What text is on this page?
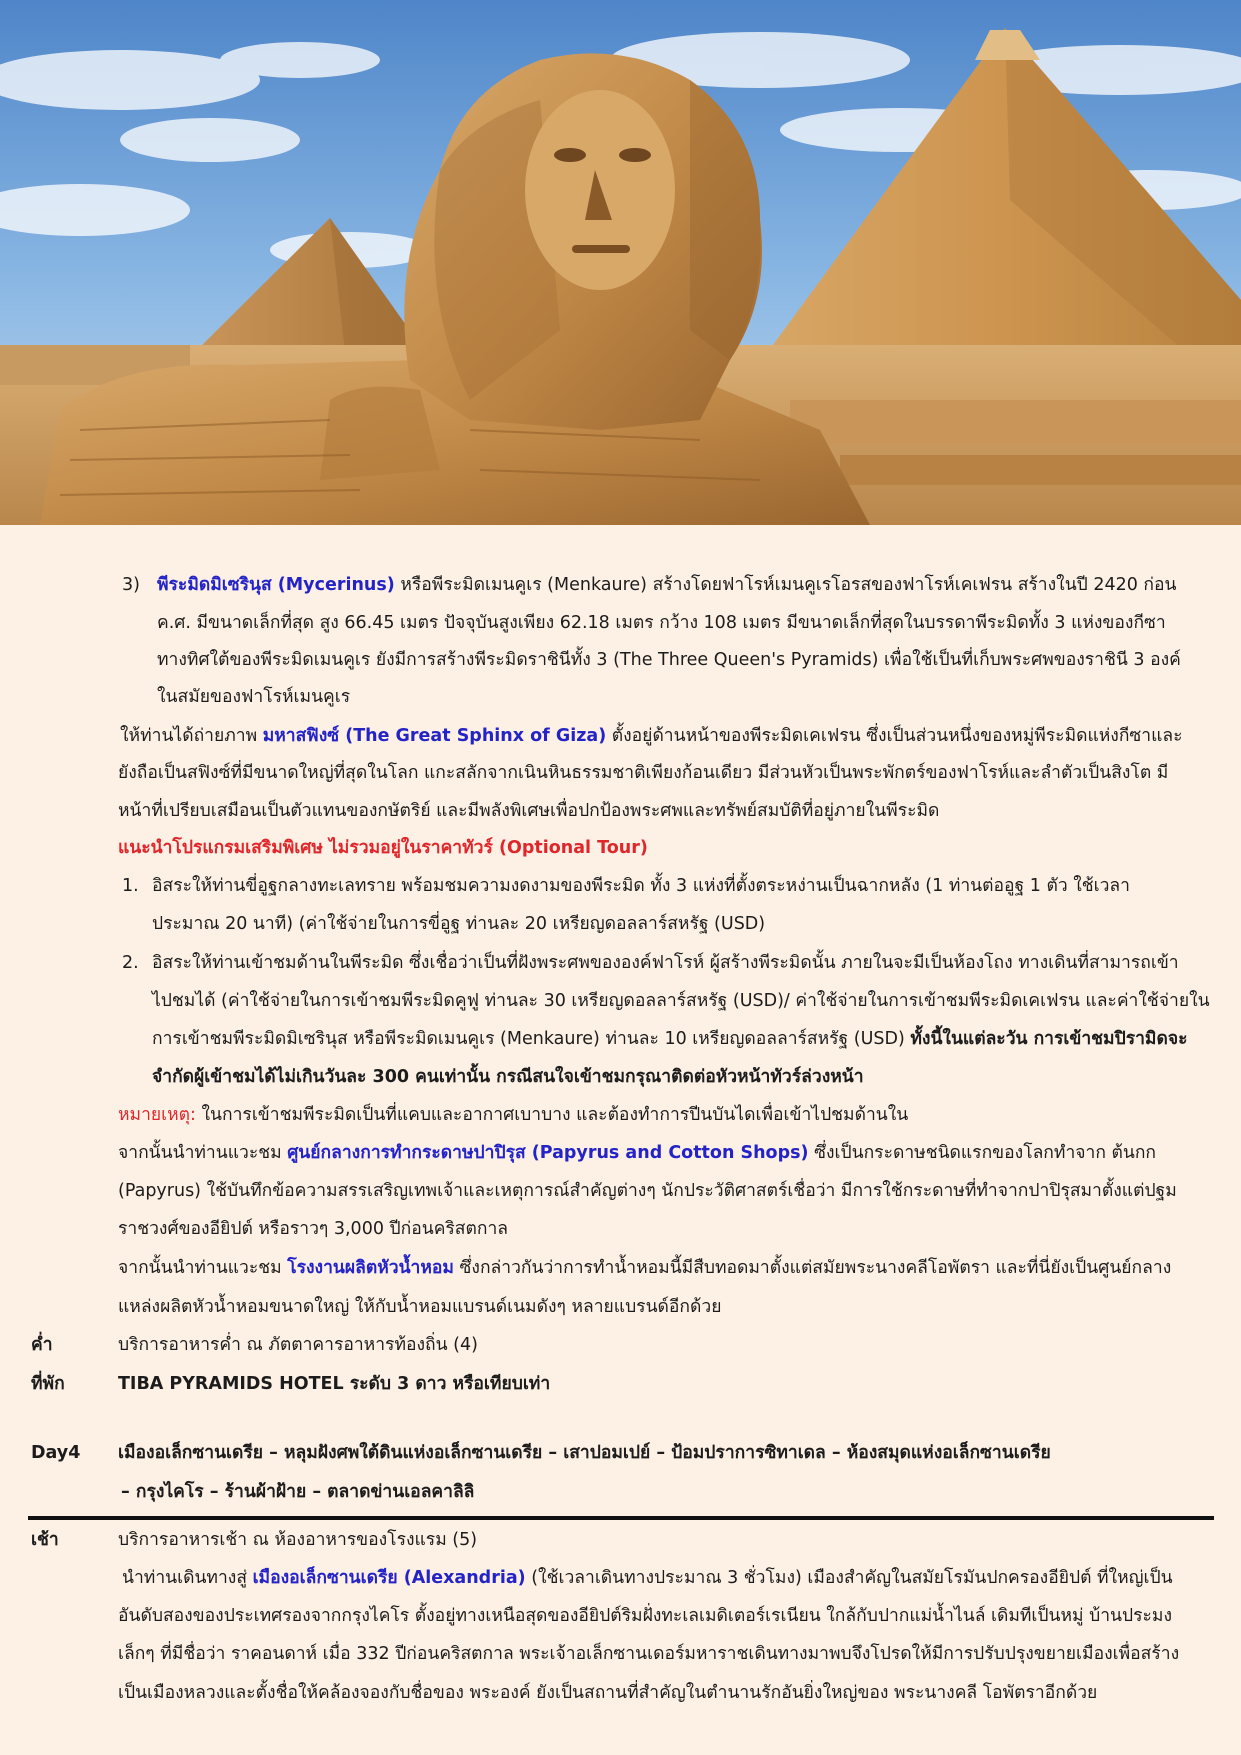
3) พีระมิดมิเซรินุส (Mycerinus) หรือพีระมิดเมนคูเร (Menkaure) สร้างโดยฟาโรห์เมนคูเรโอรสของฟาโรห์เคเฟรน สร้างในปี 2420 ก่อน
ค.ศ. มีขนาดเล็กที่สุด สูง 66.45 เมตร ปัจจุบันสูงเพียง 62.18 เมตร กว้าง 108 เมตร มีขนาดเล็กที่สุดในบรรดาพีระมิดทั้ง 3 แห่งของกีซา
ทางทิศใต้ของพีระมิดเมนคูเร ยังมีการสร้างพีระมิดราชินีทั้ง 3 (The Three Queen's Pyramids) เพื่อใช้เป็นที่เก็บพระศพของราชินี 3 องค์
ในสมัยของฟาโรห์เมนคูเร
ให้ท่านได้ถ่ายภาพ มหาสฟิงซ์ (The Great Sphinx of Giza) ตั้งอยู่ด้านหน้าของพีระมิดเคเฟรน ซึ่งเป็นส่วนหนึ่งของหมู่พีระมิดแห่งกีซาและ
ยังถือเป็นสฟิงซ์ที่มีขนาดใหญ่ที่สุดในโลก แกะสลักจากเนินหินธรรมชาติเพียงก้อนเดียว มีส่วนหัวเป็นพระพักตร์ของฟาโรห์และลำตัวเป็นสิงโต มี
หน้าที่เปรียบเสมือนเป็นตัวแทนของกษัตริย์ และมีพลังพิเศษเพื่อปกป้องพระศพและทรัพย์สมบัติที่อยู่ภายในพีระมิด
แนะนำโปรแกรมเสริมพิเศษ ไม่รวมอยู่ในราคาทัวร์ (Optional Tour)
1. อิสระให้ท่านขี่อูฐกลางทะเลทราย พร้อมชมความงดงามของพีระมิด ทั้ง 3 แห่งที่ตั้งตระหง่านเป็นฉากหลัง (1 ท่านต่ออูฐ 1 ตัว ใช้เวลา
ประมาณ 20 นาที) (ค่าใช้จ่ายในการขี่อูฐ ท่านละ 20 เหรียญดอลลาร์สหรัฐ (USD)
2. อิสระให้ท่านเข้าชมด้านในพีระมิด ซึ่งเชื่อว่าเป็นที่ฝังพระศพขององค์ฟาโรห์ ผู้สร้างพีระมิดนั้น ภายในจะมีเป็นห้องโถง ทางเดินที่สามารถเข้า
ไปชมได้ (ค่าใช้จ่ายในการเข้าชมพีระมิดคูฟู ท่านละ 30 เหรียญดอลลาร์สหรัฐ (USD)/ ค่าใช้จ่ายในการเข้าชมพีระมิดเคเฟรน และค่าใช้จ่ายใน
การเข้าชมพีระมิดมิเซรินุส หรือพีระมิดเมนคูเร (Menkaure) ท่านละ 10 เหรียญดอลลาร์สหรัฐ (USD) ทั้งนี้ในแต่ละวัน การเข้าชมปิรามิดจะ
จำกัดผู้เข้าชมได้ไม่เกินวันละ 300 คนเท่านั้น กรณีสนใจเข้าชมกรุณาติดต่อหัวหน้าทัวร์ล่วงหน้า
หมายเหตุ: ในการเข้าชมพีระมิดเป็นที่แคบและอากาศเบาบาง และต้องทำการปีนบันไดเพื่อเข้าไปชมด้านใน
จากนั้นนำท่านแวะชม ศูนย์กลางการทำกระดาษปาปิรุส (Papyrus and Cotton Shops) ซึ่งเป็นกระดาษชนิดแรกของโลกทำจาก ต้นกก
(Papyrus) ใช้บันทึกข้อความสรรเสริญเทพเจ้าและเหตุการณ์สำคัญต่างๆ นักประวัติศาสตร์เชื่อว่า มีการใช้กระดาษที่ทำจากปาปิรุสมาตั้งแต่ปฐม
ราชวงศ์ของอียิปต์ หรือราวๆ 3,000 ปีก่อนคริสตกาล
จากนั้นนำท่านแวะชม โรงงานผลิตหัวน้ำหอม ซึ่งกล่าวกันว่าการทำน้ำหอมนี้มีสืบทอดมาตั้งแต่สมัยพระนางคลีโอพัตรา และที่นี่ยังเป็นศูนย์กลาง
แหล่งผลิตหัวน้ำหอมขนาดใหญ่ ให้กับน้ำหอมแบรนด์เนมดังๆ หลายแบรนด์อีกด้วย
ค่ำ	บริการอาหารค่ำ ณ ภัตตาคารอาหารท้องถิ่น (4)
ที่พัก	TIBA PYRAMIDS HOTEL ระดับ 3 ดาว หรือเทียบเท่า
Day4 เมืองอเล็กซานเดรีย – หลุมฝังศพใต้ดินแห่งอเล็กซานเดรีย – เสาปอมเปย์ – ป้อมปราการซิทาเดล – ห้องสมุดแห่งอเล็กซานเดรีย
– กรุงไคโร – ร้านผ้าฝ้าย – ตลาดข่านเอลคาลิลิ
เช้า	บริการอาหารเช้า ณ ห้องอาหารของโรงแรม (5)
นำท่านเดินทางสู่ เมืองอเล็กซานเดรีย (Alexandria) (ใช้เวลาเดินทางประมาณ 3 ชั่วโมง) เมืองสำคัญในสมัยโรมันปกครองอียิปต์ ที่ใหญ่เป็น
อันดับสองของประเทศรองจากกรุงไคโร ตั้งอยู่ทางเหนือสุดของอียิปต์ริมฝั่งทะเลเมดิเตอร์เรเนียน ใกล้กับปากแม่น้ำไนล์ เดิมทีเป็นหมู่ บ้านประมง
เล็กๆ ที่มีชื่อว่า ราคอนดาห์ เมื่อ 332 ปีก่อนคริสตกาล พระเจ้าอเล็กซานเดอร์มหาราชเดินทางมาพบจึงโปรดให้มีการปรับปรุงขยายเมืองเพื่อสร้าง
เป็นเมืองหลวงและตั้งชื่อให้คล้องจองกับชื่อของ พระองค์ ยังเป็นสถานที่สำคัญในตำนานรักอันยิ่งใหญ่ของ พระนางคลี โอพัตราอีกด้วย
